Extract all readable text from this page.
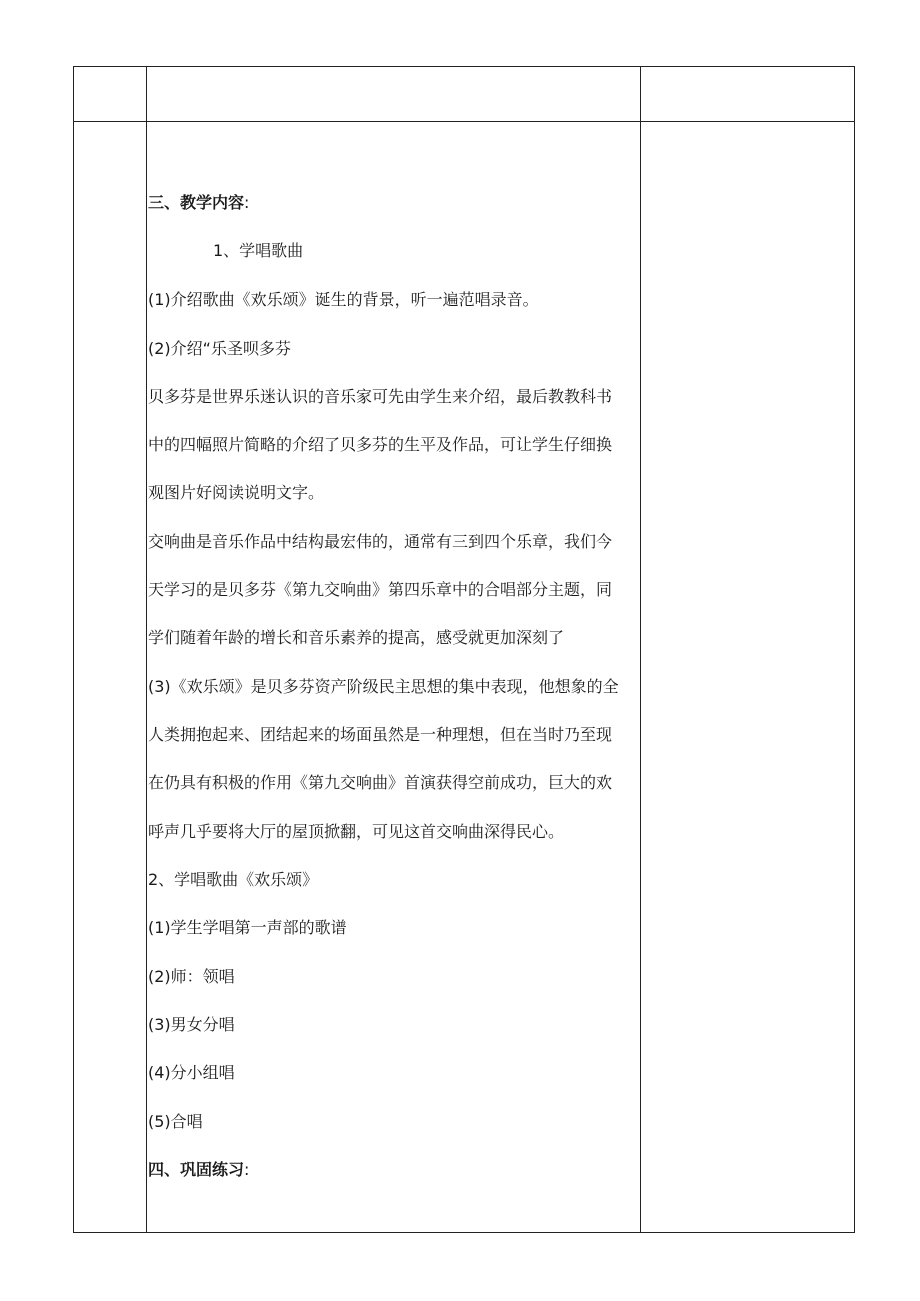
三、教学内容:
1、学唱歌曲
(1)介绍歌曲《欢乐颂》诞生的背景，听一遍范唱录音。
(2)介绍“乐圣呗多芬
贝多芬是世界乐迷认识的音乐家可先由学生来介绍，最后教教科书
中的四幅照片简略的介绍了贝多芬的生平及作品，可让学生仔细换
观图片好阅读说明文字。
交响曲是音乐作品中结构最宏伟的，通常有三到四个乐章，我们今
天学习的是贝多芬《第九交响曲》第四乐章中的合唱部分主题，同
学们随着年龄的增长和音乐素养的提高，感受就更加深刻了
(3)《欢乐颂》是贝多芬资产阶级民主思想的集中表现，他想象的全
人类拥抱起来、团结起来的场面虽然是一种理想，但在当时乃至现
在仍具有积极的作用《第九交响曲》首演获得空前成功，巨大的欢
呼声几乎要将大厅的屋顶掀翻，可见这首交响曲深得民心。
2、学唱歌曲《欢乐颂》
(1)学生学唱第一声部的歌谱
(2)师：领唱
(3)男女分唱
(4)分小组唱
(5)合唱
四、巩固练习:
